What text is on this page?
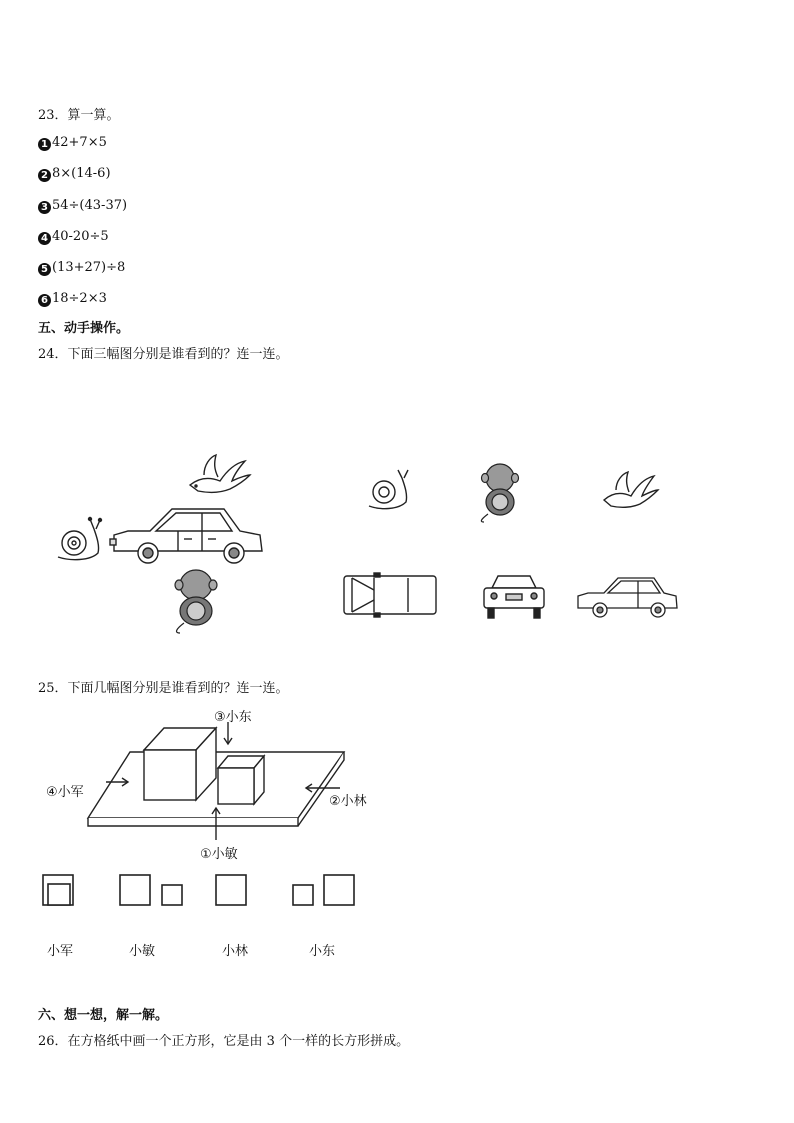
23．算一算。
1 42+7×5
2 8×(14-6)
3 54÷(43-37)
4 40-20÷5
5 (13+27)÷8
6 18÷2×3
五、动手操作。
24．下面三幅图分别是谁看到的？连一连。
25．下面几幅图分别是谁看到的？连一连。
③小东
④小军
②小林
①小敏
小军	小敏	小林	小东
六、想一想，解一解。
26．在方格纸中画一个正方形，它是由 3 个一样的长方形拼成。
